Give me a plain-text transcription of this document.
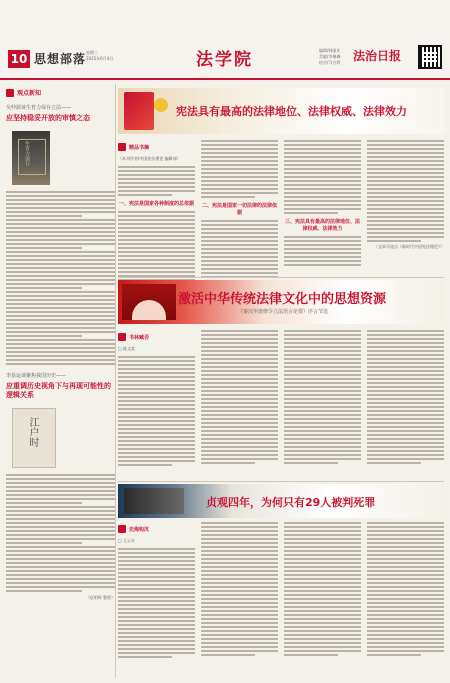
10 思想部落 星期三
2025年6月4日	法学院	编辑/韩丽业
美编/李琳琳
校对/马吉利 法治日报
观点新知
吴仲源谈生育力保存立法——
应坚持稳妥开放的审慎之态
生育力保存
李显运谈聚焦我国历史——
应重调历史视角下与再现可能性的逻辑关系
江户时
（赵明辉 整理）
宪法具有最高的法律地位、法律权威、法律效力
精品书摘
（本刊作者/中国宪法理论 编辑部）
一、宪法是国家各种制度的总依据 二、宪法是国家一切法律的法律依据
三、宪法具有最高的法律地位、法律权威、法律效力
（文章节选自《新时代中国宪法理论》）
激活中华传统法律文化中的思想资源
《秦汉至唐律令立法语言论要》序言节选
书林臧否
□ 陈文富
贞观四年，为何只有29人被判死罪
史海钩沉
□ 王云夫
